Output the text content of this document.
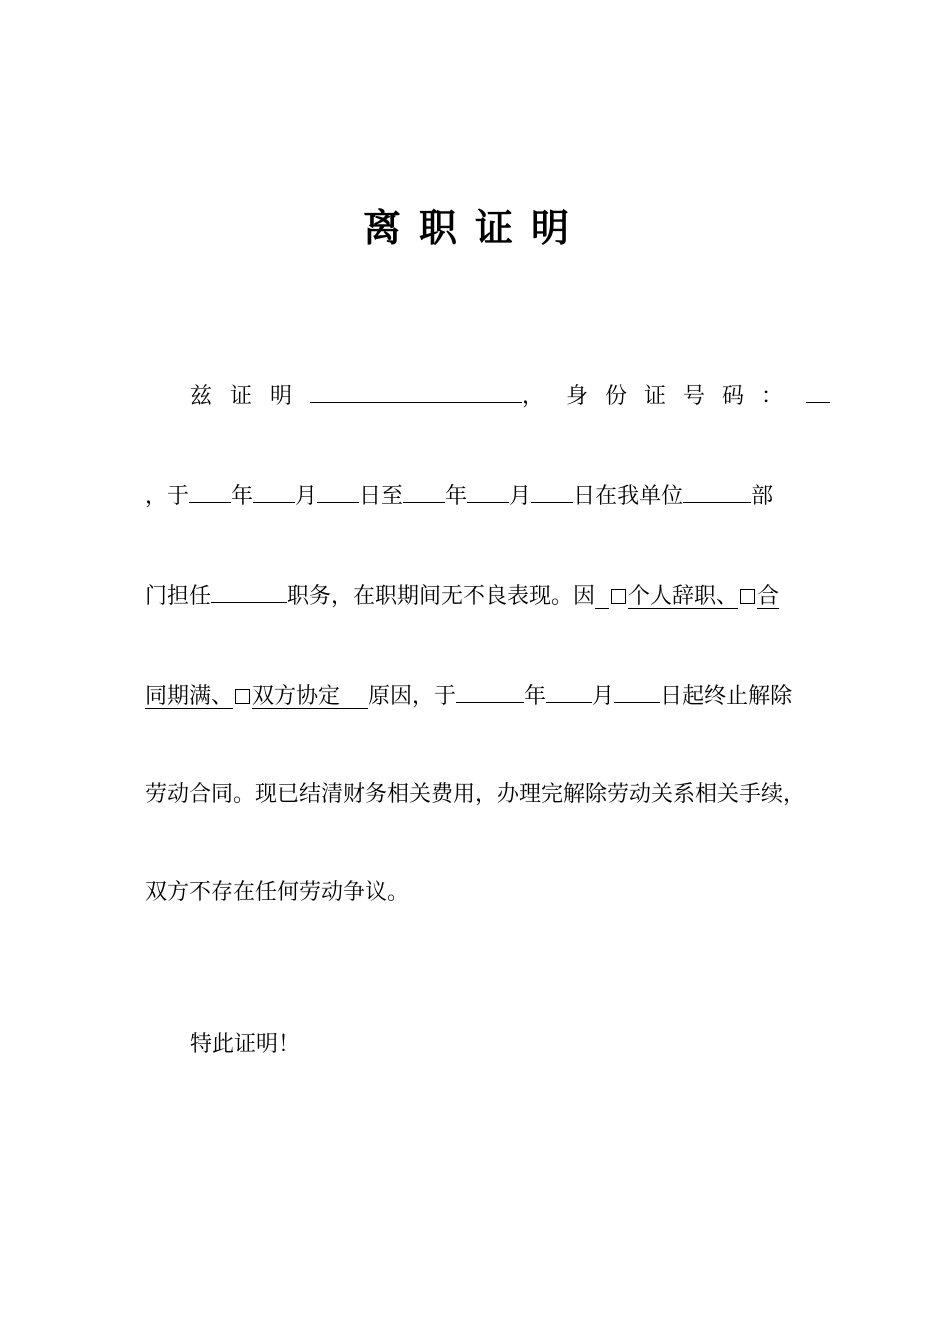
离职证明
兹证明	， 身份证号码：
，于 年 月 日至 年 月 日在我单位	部
门担任	职务，在职期间无不良表现。因 个人辞职、 合
同期满、 双方协定 原因，于	年 月 日起终止解除
劳动合同。现已结清财务相关费用，办理完解除劳动关系相关手续，
双方不存在任何劳动争议。
特此证明！
